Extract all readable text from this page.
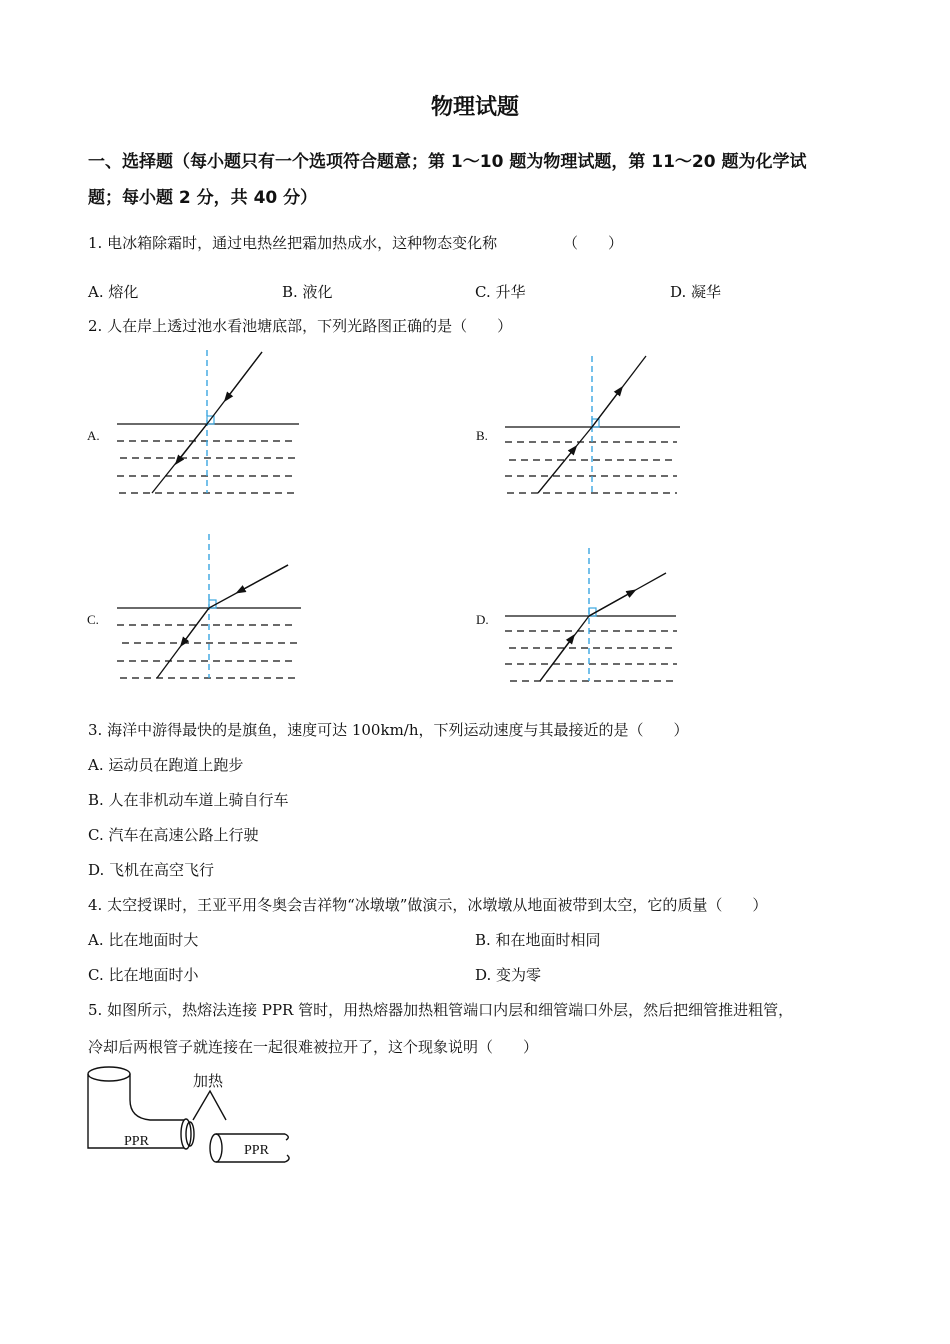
物理试题
一、选择题（每小题只有一个选项符合题意；第 1～10 题为物理试题，第 11～20 题为化学试
题；每小题 2 分，共 40 分）
1. 电冰箱除霜时，通过电热丝把霜加热成水，这种物态变化称	（　　）
A. 熔化	B. 液化	C. 升华	D. 凝华
2. 人在岸上透过池水看池塘底部，下列光路图正确的是（　　）
A.	B.
C.	D.
3. 海洋中游得最快的是旗鱼，速度可达 100km/h，下列运动速度与其最接近的是（　　）
A. 运动员在跑道上跑步
B. 人在非机动车道上骑自行车
C. 汽车在高速公路上行驶
D. 飞机在高空飞行
4. 太空授课时，王亚平用冬奥会吉祥物“冰墩墩”做演示，冰墩墩从地面被带到太空，它的质量（　　）
A. 比在地面时大	B. 和在地面时相同
C. 比在地面时小	D. 变为零
5. 如图所示，热熔法连接 PPR 管时，用热熔器加热粗管端口内层和细管端口外层，然后把细管推进粗管，
冷却后两根管子就连接在一起很难被拉开了，这个现象说明（　　）
加热
PPR
PPR
